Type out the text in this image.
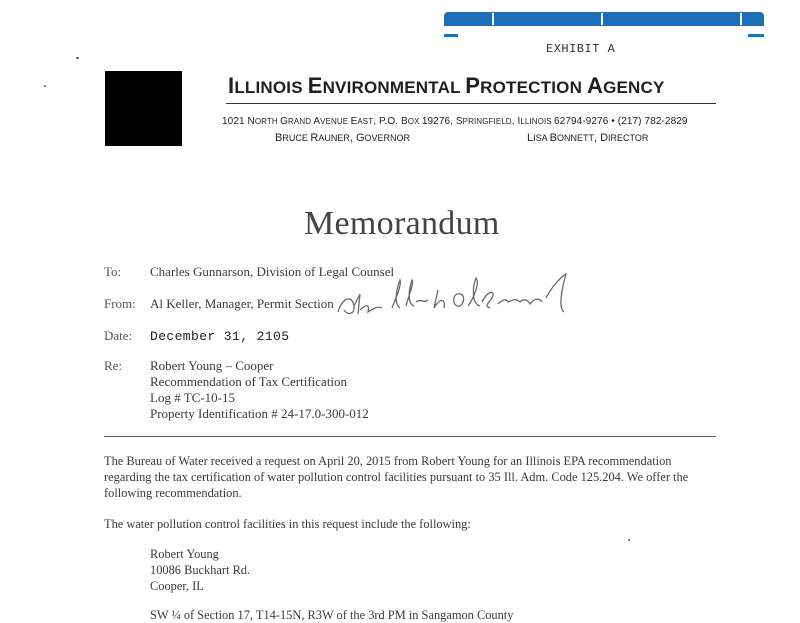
EXHIBIT A
ILLINOIS ENVIRONMENTAL PROTECTION AGENCY
1021 NORTH GRAND AVENUE EAST, P.O. BOX 19276, SPRINGFIELD, ILLINOIS 62794-9276 • (217) 782-2829
BRUCE RAUNER, GOVERNOR	LISA BONNETT, DIRECTOR
Memorandum
To: Charles Gunnarson, Division of Legal Counsel
From: Al Keller, Manager, Permit Section
Date: December 31, 2105
Re: Robert Young – Cooper
Recommendation of Tax Certification
Log # TC-10-15
Property Identification # 24-17.0-300-012
The Bureau of Water received a request on April 20, 2015 from Robert Young for an Illinois EPA recommendation regarding the tax certification of water pollution control facilities pursuant to 35 Ill. Adm. Code 125.204. We offer the following recommendation.
The water pollution control facilities in this request include the following:
Robert Young
10086 Buckhart Rd.
Cooper, IL
SW ¼ of Section 17, T14-15N, R3W of the 3rd PM in Sangamon County
